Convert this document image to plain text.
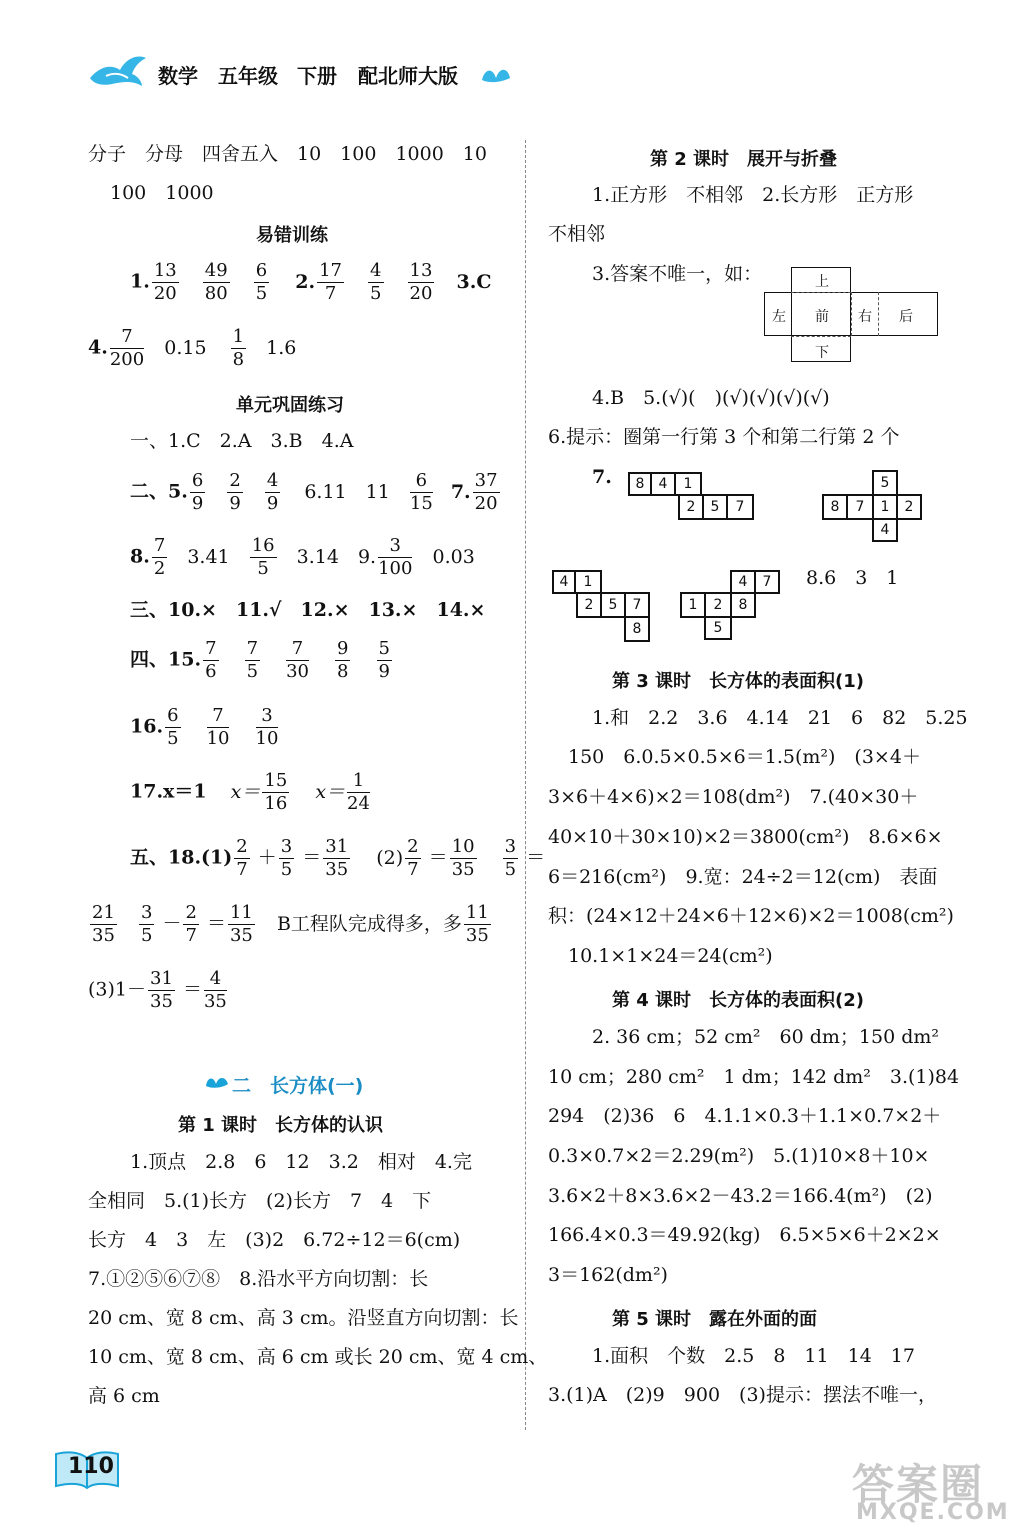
数学 五年级 下册 配北师大版
分子　分母　四舍五入　10　100　1000　10
100　1000
易错训练
1. $\frac{13}{20}$
$\frac{49}{80}$
$\frac{6}{5} 2$. $\frac{17}{7}$
$\frac{4}{5}$
$\frac{13}{20} 3.C$
4. $\frac{7}{200} 0.15 \frac{1}{8} 1.6$
单元巩固练习
一、1.C　2.A　3.B　4.A
二、5. $\frac{6}{9}$
$\frac{2}{9}$
$\frac{4}{9} 6.11$　$11 \frac{6}{15} 7$. $\frac{37}{20}$
8. $\frac{7}{2} 3.41 \frac{16}{5} 3.14$　9. $\frac{3}{100} 0.03$
三、10.×　11.√　12.×　13.×　14.×
四、15. $\frac{7}{6}$
$\frac{7}{5}$
$\frac{7}{30}$
$\frac{9}{8}$
$\frac{5}{9}$
16. $\frac{6}{5}$
$\frac{7}{10}$
$\frac{3}{10}$
17.x＝1 $x= \frac{15}{16} x= \frac{1}{24}$
五、$18.(1) \frac{2}{7} + \frac{3}{5} = \frac{31}{35} (2) \frac{2}{7} = \frac{10}{35}$
$\frac{3}{5}$ ＝
$\frac{21}{35}$
$\frac{3}{5} - \frac{2}{7} = \frac{11}{35}$ B工程队完成得多，多 $\frac{11}{35}$
$(3)1- \frac{31}{35} = \frac{4}{35}$
二　长方体(一)
第 1 课时　长方体的认识
1.顶点　2.8　6　12　3.2　相对　4.完
全相同　5.(1)长方　(2)长方　7　4　下
长方　4　3　左　(3)2　6.72÷12＝6(cm)
7.①②⑤⑥⑦⑧　8.沿水平方向切割：长
20 cm、宽 8 cm、高 3 cm。沿竖直方向切割：长
10 cm、宽 8 cm、高 6 cm 或长 20 cm、宽 4 cm、
高 6 cm
第 2 课时　展开与折叠
1.正方形　不相邻　2.长方形　正方形
不相邻
3.答案不唯一，如：	上
左 前 右 后
下
4.B　5.(√)(　)(√)(√)(√)(√)
6.提示：圈第一行第 3 个和第二行第 2 个
7.	8	4	1
2	5	7
5
8	7	1	2
4
4	1
2	5	7
8
4	7
1	2	8
5
8.6　3　1
第 3 课时　长方体的表面积(1)
1.和　2.2　3.6　4.14　21　6　82　5.25
150　6.0.5×0.5×6＝1.5(m²)　(3×4＋
3×6＋4×6)×2＝108(dm²)　7.(40×30＋
40×10＋30×10)×2＝3800(cm²)　8.6×6×
6＝216(cm²)　9.宽：24÷2＝12(cm)　表面
积：(24×12＋24×6＋12×6)×2＝1008(cm²)
10.1×1×24＝24(cm²)
第 4 课时　长方体的表面积(2)
2. 36 cm；52 cm²　60 dm；150 dm²
10 cm；280 cm²　1 dm；142 dm²　3.(1)84
294　(2)36　6　4.1.1×0.3＋1.1×0.7×2＋
0.3×0.7×2＝2.29(m²)　5.(1)10×8＋10×
3.6×2＋8×3.6×2－43.2＝166.4(m²)　(2)
166.4×0.3＝49.92(kg)　6.5×5×6＋2×2×
3＝162(dm²)
第 5 课时　露在外面的面
1.面积　个数　2.5　8　11　14　17
3.(1)A　(2)9　900　(3)提示：摆法不唯一，
110	答案圈
MXQE.COM
